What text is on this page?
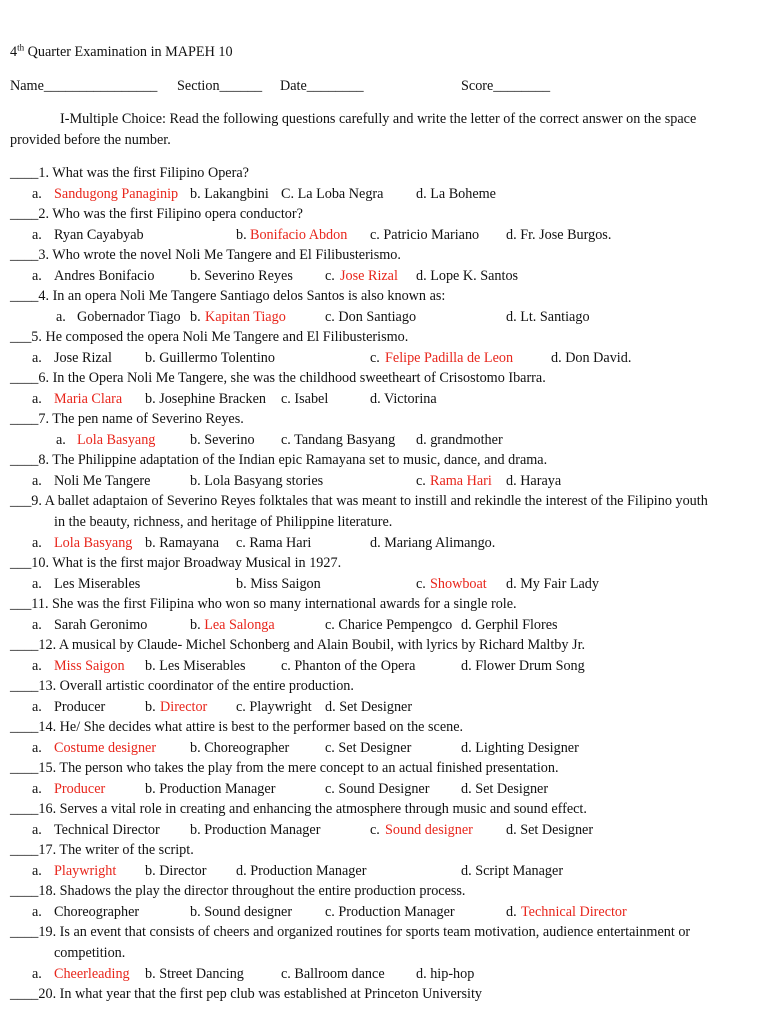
4th Quarter Examination in MAPEH 10
Name________________ Section______ Date________	Score________
I-Multiple Choice: Read the following questions carefully and write the letter of the correct answer on the space
provided before the number.
____1. What was the first Filipino Opera?
a. Sandugong Panaginip b. Lakangbini C. La Loba Negra d. La Boheme
____2. Who was the first Filipino opera conductor?
a. Ryan Cayabyab	b. Bonifacio Abdon c. Patricio Mariano d. Fr. Jose Burgos.
____3. Who wrote the novel Noli Me Tangere and El Filibusterismo.
a. Andres Bonifacio	b. Severino Reyes c. Jose Rizal d. Lope K. Santos
____4. In an opera Noli Me Tangere Santiago delos Santos is also known as:
a. Gobernador Tiago b. Kapitan Tiago	c. Don Santiago	d. Lt. Santiago
___5. He composed the opera Noli Me Tangere and El Filibusterismo.
a. Jose Rizal b. Guillermo Tolentino	c. Felipe Padilla de Leon	d. Don David.
____6. In the Opera Noli Me Tangere, she was the childhood sweetheart of Crisostomo Ibarra.
a. Maria Clara b. Josephine Bracken c. Isabel	d. Victorina
____7. The pen name of Severino Reyes.
a. Lola Basyang b. Severino c. Tandang Basyang d. grandmother
____8. The Philippine adaptation of the Indian epic Ramayana set to music, dance, and drama.
a. Noli Me Tangere	b. Lola Basyang stories	c. Rama Hari d. Haraya
___9. A ballet adaptaion of Severino Reyes folktales that was meant to instill and rekindle the interest of the Filipino youth
in the beauty, richness, and heritage of Philippine literature.
a. Lola Basyang b. Ramayana c. Rama Hari	d. Mariang Alimango.
___10. What is the first major Broadway Musical in 1927.
a. Les Miserables	b. Miss Saigon	c. Showboat d. My Fair Lady
___11. She was the first Filipina who won so many international awards for a single role.
a. Sarah Geronimo	b. Lea Salonga	c. Charice Pempengco d. Gerphil Flores
____12. A musical by Claude- Michel Schonberg and Alain Boubil, with lyrics by Richard Maltby Jr.
a. Miss Saigon b. Les Miserables	c. Phanton of the Opera	d. Flower Drum Song
____13. Overall artistic coordinator of the entire production.
a. Producer	b. Director c. Playwright d. Set Designer
____14. He/ She decides what attire is best to the performer based on the scene.
a. Costume designer b. Choreographer	c. Set Designer	d. Lighting Designer
____15. The person who takes the play from the mere concept to an actual finished presentation.
a. Producer	b. Production Manager	c. Sound Designer d. Set Designer
____16. Serves a vital role in creating and enhancing the atmosphere through music and sound effect.
a. Technical Director b. Production Manager	c. Sound designer d. Set Designer
____17. The writer of the script.
a. Playwright b. Director d. Production Manager	d. Script Manager
____18. Shadows the play the director throughout the entire production process.
a. Choreographer	b. Sound designer c. Production Manager	d. Technical Director
____19. Is an event that consists of cheers and organized routines for sports team motivation, audience entertainment or
competition.
a. Cheerleading b. Street Dancing	c. Ballroom dance d. hip-hop
____20. In what year that the first pep club was established at Princeton University
